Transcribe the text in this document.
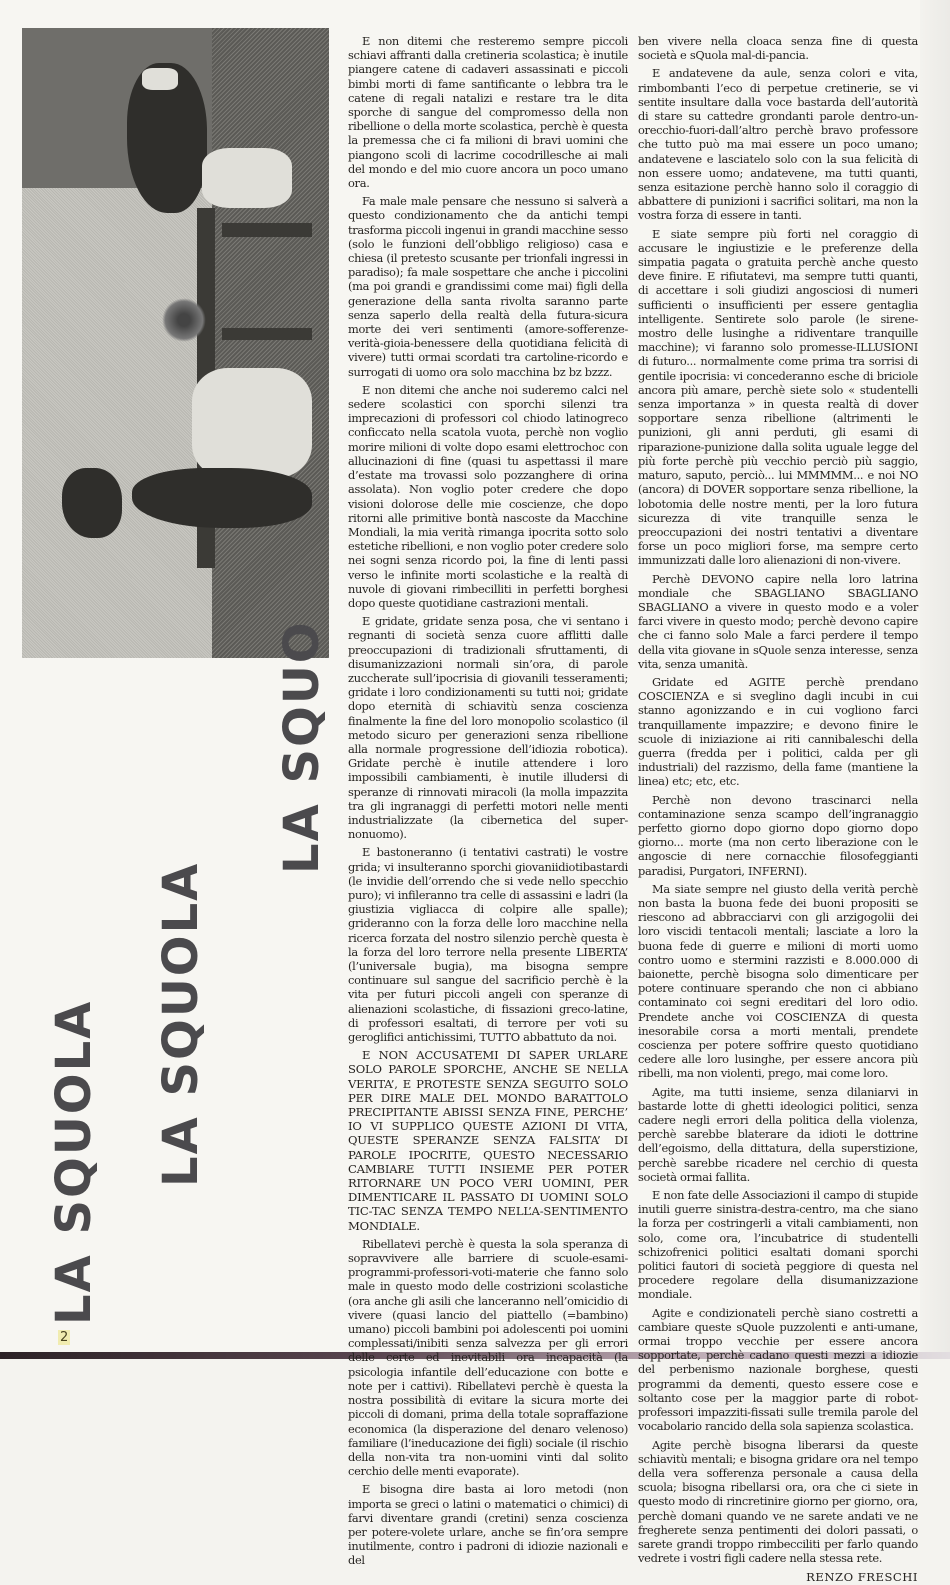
LA SQUOLA LA SQUOLA
LA SQUO
2

E non ditemi che resteremo sempre piccoli schiavi affranti dalla cretineria scolastica; è inutile piangere catene di cadaveri assassinati e piccoli bimbi morti di fame santificante o lebbra tra le catene di regali natalizi e restare tra le dita sporche di sangue del compromesso della non ribellione o della morte scolastica, perchè è questa la premessa che ci fa milioni di bravi uomini che piangono scoli di lacrime cocodrillesche ai mali del mondo e del mio cuore ancora un poco umano ora.

Fa male male pensare che nessuno si salverà a questo condizionamento che da antichi tempi trasforma piccoli ingenui in grandi macchine sesso (solo le funzioni dell’obbligo religioso) casa e chiesa (il pretesto scusante per trionfali ingressi in paradiso); fa male sospettare che anche i piccolini (ma poi grandi e grandissimi come mai) figli della generazione della santa rivolta saranno parte senza saperlo della realtà della futura-sicura morte dei veri sentimenti (amore-sofferenze-verità-gioia-benessere della quotidiana felicità di vivere) tutti ormai scordati tra cartoline-ricordo e surrogati di uomo ora solo macchina bz bz bzzz.

E non ditemi che anche noi suderemo calci nel sedere scolastici con sporchi silenzi tra imprecazioni di professori col chiodo latinogreco conficcato nella scatola vuota, perchè non voglio morire milioni di volte dopo esami elettrochoc con allucinazioni di fine (quasi tu aspettassi il mare d’estate ma trovassi solo pozzanghere di orina assolata). Non voglio poter credere che dopo visioni dolorose delle mie coscienze, che dopo ritorni alle primitive bontà nascoste da Macchine Mondiali, la mia verità rimanga ipocrita sotto solo estetiche ribellioni, e non voglio poter credere solo nei sogni senza ricordo poi, la fine di lenti passi verso le infinite morti scolastiche e la realtà di nuvole di giovani rimbecilliti in perfetti borghesi dopo queste quotidiane castrazioni mentali.

E gridate, gridate senza posa, che vi sentano i regnanti di società senza cuore afflitti dalle preoccupazioni di tradizionali sfruttamenti, di disumanizzazioni normali sin’ora, di parole zuccherate sull’ipocrisia di giovanili tesseramenti; gridate i loro condizionamenti su tutti noi; gridate dopo eternità di schiavitù senza coscienza finalmente la fine del loro monopolio scolastico (il metodo sicuro per generazioni senza ribellione alla normale progressione dell’idiozia robotica). Gridate perchè è inutile attendere i loro impossibili cambiamenti, è inutile illudersi di speranze di rinnovati miracoli (la molla impazzita tra gli ingranaggi di perfetti motori nelle menti industrializzate (la cibernetica del super-nonuomo).

E bastoneranno (i tentativi castrati) le vostre grida; vi insulteranno sporchi giovaniidiotibastardi (le invidie dell’orrendo che si vede nello specchio puro); vi infileranno tra celle di assassini e ladri (la giustizia vigliacca di colpire alle spalle); grideranno con la forza delle loro macchine nella ricerca forzata del nostro silenzio perchè questa è la forza del loro terrore nella presente LIBERTA’ (l’universale bugia), ma bisogna sempre continuare sul sangue del sacrificio perchè è la vita per futuri piccoli angeli con speranze di alienazioni scolastiche, di fissazioni greco-latine, di professori esaltati, di terrore per voti su geroglifici antichissimi, TUTTO abbattuto da noi.

E NON ACCUSATEMI DI SAPER URLARE SOLO PAROLE SPORCHE, ANCHE SE NELLA VERITA’, E PROTESTE SENZA SEGUITO SOLO PER DIRE MALE DEL MONDO BARATTOLO PRECIPITANTE ABISSI SENZA FINE, PERCHE’ IO VI SUPPLICO QUESTE AZIONI DI VITA, QUESTE SPERANZE SENZA FALSITA’ DI PAROLE IPOCRITE, QUESTO NECESSARIO CAMBIARE TUTTI INSIEME PER POTER RITORNARE UN POCO VERI UOMINI, PER DIMENTICARE IL PASSATO DI UOMINI SOLO TIC-TAC SENZA TEMPO NELL’A-SENTIMENTO MONDIALE.

Ribellatevi perchè è questa la sola speranza di sopravvivere alle barriere di scuole-esami-programmi-professori-voti-materie che fanno solo male in questo modo delle costrizioni scolastiche (ora anche gli asili che lanceranno nell’omicidio di vivere (quasi lancio del piattello (=bambino) umano) piccoli bambini poi adolescenti poi uomini complessati/inibiti senza salvezza per gli errori delle certe ed inevitabili ora incapacità (la psicologia infantile dell’educazione con botte e note per i cattivi). Ribellatevi perchè è questa la nostra possibilità di evitare la sicura morte dei piccoli di domani, prima della totale sopraffazione economica (la disperazione del denaro velenoso) familiare (l’ineducazione dei figli) sociale (il rischio della non-vita tra non-uomini vinti dal solito cerchio delle menti evaporate).

E bisogna dire basta ai loro metodi (non importa se greci o latini o matematici o chimici) di farvi diventare grandi (cretini) senza coscienza per potere-volete urlare, anche se fin’ora sempre inutilmente, contro i padroni di idiozie nazionali e del

ben vivere nella cloaca senza fine di questa società e sQuola mal-di-pancia.

E andatevene da aule, senza colori e vita, rimbombanti l’eco di perpetue cretinerie, se vi sentite insultare dalla voce bastarda dell’autorità di stare su cattedre grondanti parole dentro-un-orecchio-fuori-dall’altro perchè bravo professore che tutto può ma mai essere un poco umano; andatevene e lasciatelo solo con la sua felicità di non essere uomo; andatevene, ma tutti quanti, senza esitazione perchè hanno solo il coraggio di abbattere di punizioni i sacrifici solitari, ma non la vostra forza di essere in tanti.

E siate sempre più forti nel coraggio di accusare le ingiustizie e le preferenze della simpatia pagata o gratuita perchè anche questo deve finire. E rifiutatevi, ma sempre tutti quanti, di accettare i soli giudizi angosciosi di numeri sufficienti o insufficienti per essere gentaglia intelligente. Sentirete solo parole (le sirene-mostro delle lusinghe a ridiventare tranquille macchine); vi faranno solo promesse-ILLUSIONI di futuro... normalmente come prima tra sorrisi di gentile ipocrisia: vi concederanno esche di briciole ancora più amare, perchè siete solo « studentelli senza importanza » in questa realtà di dover sopportare senza ribellione (altrimenti le punizioni, gli anni perduti, gli esami di riparazione-punizione dalla solita uguale legge del più forte perchè più vecchio perciò più saggio, maturo, saputo, perciò... lui MMMMM... e noi NO (ancora) di DOVER sopportare senza ribellione, la lobotomia delle nostre menti, per la loro futura sicurezza di vite tranquille senza le preoccupazioni dei nostri tentativi a diventare forse un poco migliori forse, ma sempre certo immunizzati dalle loro alienazioni di non-vivere.

Perchè DEVONO capire nella loro latrina mondiale che SBAGLIANO SBAGLIANO SBAGLIANO a vivere in questo modo e a voler farci vivere in questo modo; perchè devono capire che ci fanno solo Male a farci perdere il tempo della vita giovane in sQuole senza interesse, senza vita, senza umanità.

Gridate ed AGITE perchè prendano COSCIENZA e si sveglino dagli incubi in cui stanno agonizzando e in cui vogliono farci tranquillamente impazzire; e devono finire le scuole di iniziazione ai riti cannibaleschi della guerra (fredda per i politici, calda per gli industriali) del razzismo, della fame (mantiene la linea) etc; etc, etc.

Perchè non devono trascinarci nella contaminazione senza scampo dell’ingranaggio perfetto giorno dopo giorno dopo giorno dopo giorno... morte (ma non certo liberazione con le angoscie di nere cornacchie filosofeggianti paradisi, Purgatori, INFERNI).

Ma siate sempre nel giusto della verità perchè non basta la buona fede dei buoni propositi se riescono ad abbracciarvi con gli arzigogolii dei loro viscidi tentacoli mentali; lasciate a loro la buona fede di guerre e milioni di morti uomo contro uomo e stermini razzisti e 8.000.000 di baionette, perchè bisogna solo dimenticare per potere continuare sperando che non ci abbiano contaminato coi segni ereditari del loro odio. Prendete anche voi COSCIENZA di questa inesorabile corsa a morti mentali, prendete coscienza per potere soffrire questo quotidiano cedere alle loro lusinghe, per essere ancora più ribelli, ma non violenti, prego, mai come loro.

Agite, ma tutti insieme, senza dilaniarvi in bastarde lotte di ghetti ideologici politici, senza cadere negli errori della politica della violenza, perchè sarebbe blaterare da idioti le dottrine dell’egoismo, della dittatura, della superstizione, perchè sarebbe ricadere nel cerchio di questa società ormai fallita.

E non fate delle Associazioni il campo di stupide inutili guerre sinistra-destra-centro, ma che siano la forza per costringerli a vitali cambiamenti, non solo, come ora, l’incubatrice di studentelli schizofrenici politici esaltati domani sporchi politici fautori di società peggiore di questa nel procedere regolare della disumanizzazione mondiale.

Agite e condizionateli perchè siano costretti a cambiare queste sQuole puzzolenti e anti-umane, ormai troppo vecchie per essere ancora sopportate, perchè cadano questi mezzi a idiozie del perbenismo nazionale borghese, questi programmi da dementi, questo essere cose e soltanto cose per la maggior parte di robot-professori impazziti-fissati sulle tremila parole del vocabolario rancido della sola sapienza scolastica.

Agite perchè bisogna liberarsi da queste schiavitù mentali; e bisogna gridare ora nel tempo della vera sofferenza personale a causa della scuola; bisogna ribellarsi ora, ora che ci siete in questo modo di rincretinire giorno per giorno, ora, perchè domani quando ve ne sarete andati ve ne fregherete senza pentimenti dei dolori passati, o sarete grandi troppo rimbecciliti per farlo quando vedrete i vostri figli cadere nella stessa rete.

RENZO FRESCHI
